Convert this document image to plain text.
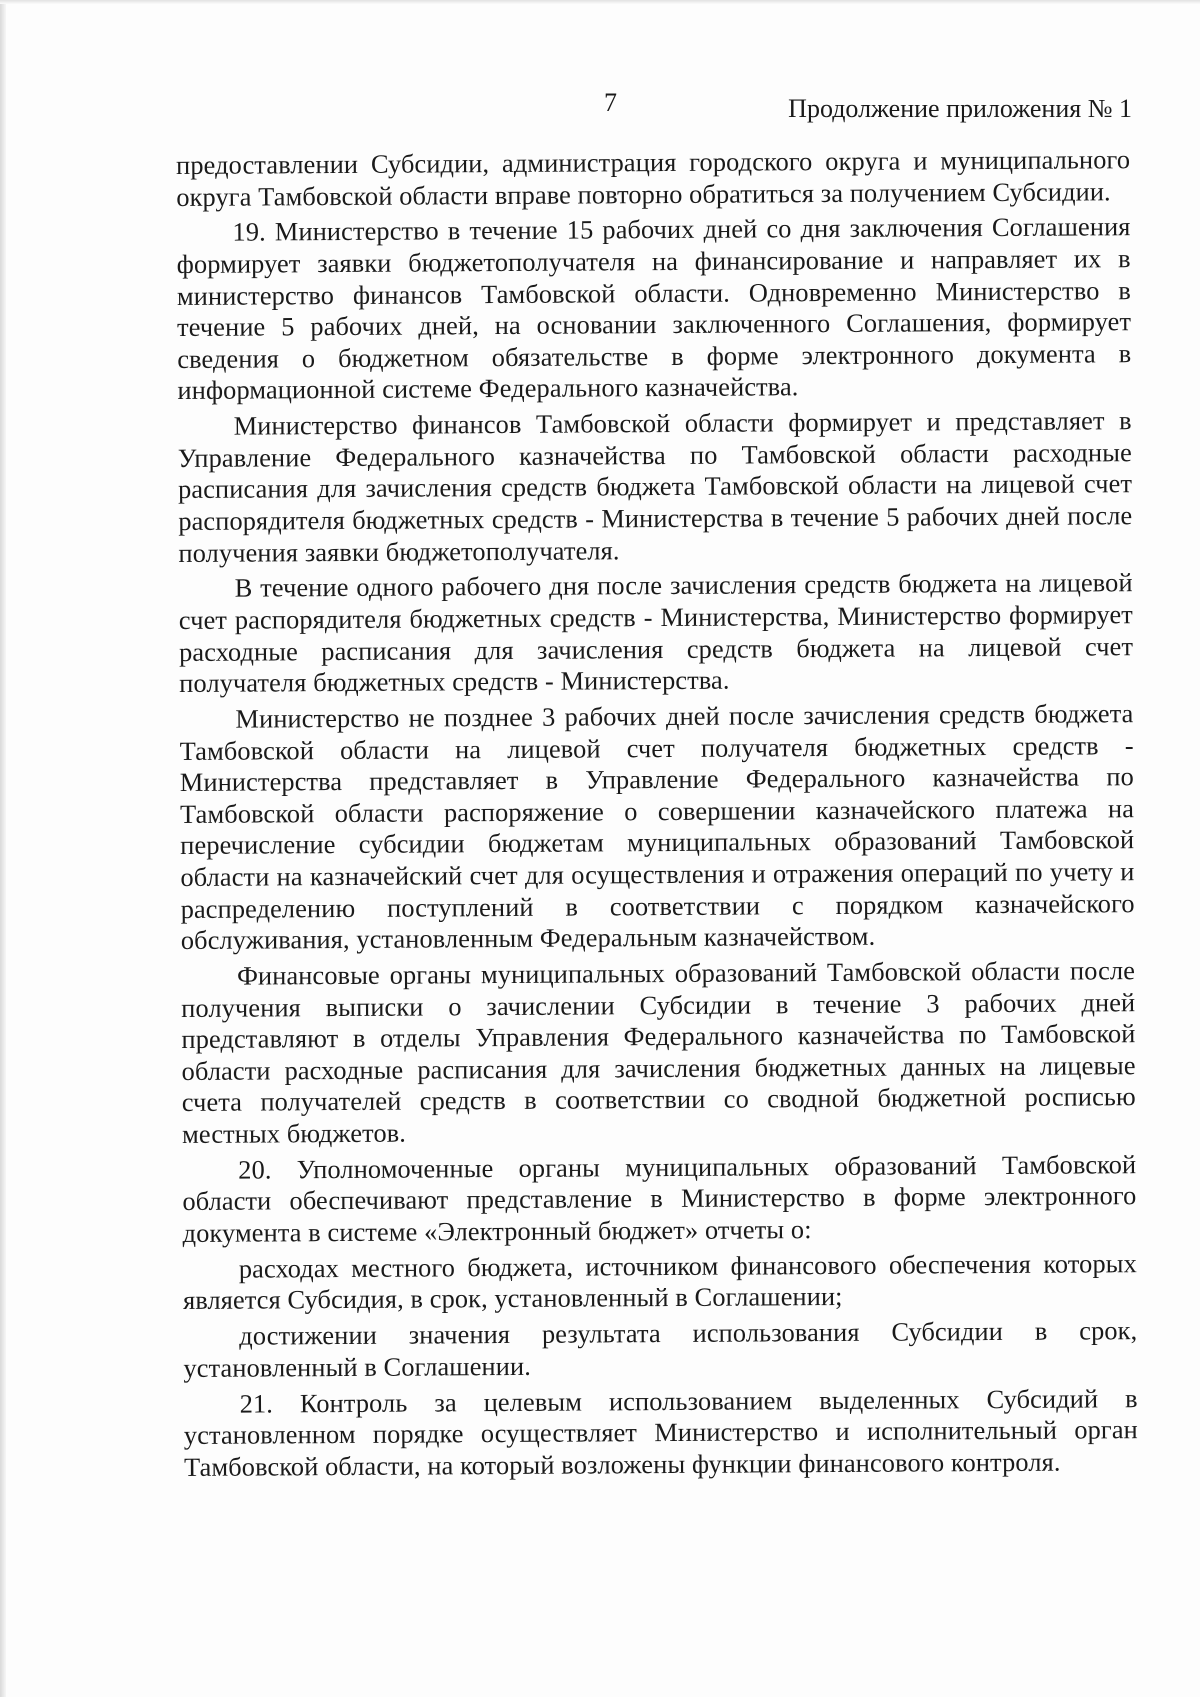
7	Продолжение приложения № 1

предоставлении Субсидии, администрация городского округа и муниципального округа Тамбовской области вправе повторно обратиться за получением Субсидии.

19. Министерство в течение 15 рабочих дней со дня заключения Соглашения формирует заявки бюджетополучателя на финансирование и направляет их в министерство финансов Тамбовской области. Одновременно Министерство в течение 5 рабочих дней, на основании заключенного Соглашения, формирует сведения о бюджетном обязательстве в форме электронного документа в информационной системе Федерального казначейства.

Министерство финансов Тамбовской области формирует и представляет в Управление Федерального казначейства по Тамбовской области расходные расписания для зачисления средств бюджета Тамбовской области на лицевой счет распорядителя бюджетных средств - Министерства в течение 5 рабочих дней после получения заявки бюджетополучателя.

В течение одного рабочего дня после зачисления средств бюджета на лицевой счет распорядителя бюджетных средств - Министерства, Министерство формирует расходные расписания для зачисления средств бюджета на лицевой счет получателя бюджетных средств - Министерства.

Министерство не позднее 3 рабочих дней после зачисления средств бюджета Тамбовской области на лицевой счет получателя бюджетных средств - Министерства представляет в Управление Федерального казначейства по Тамбовской области распоряжение о совершении казначейского платежа на перечисление субсидии бюджетам муниципальных образований Тамбовской области на казначейский счет для осуществления и отражения операций по учету и распределению поступлений в соответствии с порядком казначейского обслуживания, установленным Федеральным казначейством.

Финансовые органы муниципальных образований Тамбовской области после получения выписки о зачислении Субсидии в течение 3 рабочих дней представляют в отделы Управления Федерального казначейства по Тамбовской области расходные расписания для зачисления бюджетных данных на лицевые счета получателей средств в соответствии со сводной бюджетной росписью местных бюджетов.

20. Уполномоченные органы муниципальных образований Тамбовской области обеспечивают представление в Министерство в форме электронного документа в системе «Электронный бюджет» отчеты о:

расходах местного бюджета, источником финансового обеспечения которых является Субсидия, в срок, установленный в Соглашении;

достижении значения результата использования Субсидии в срок, установленный в Соглашении.

21. Контроль за целевым использованием выделенных Субсидий в установленном порядке осуществляет Министерство и исполнительный орган Тамбовской области, на который возложены функции финансового контроля.
